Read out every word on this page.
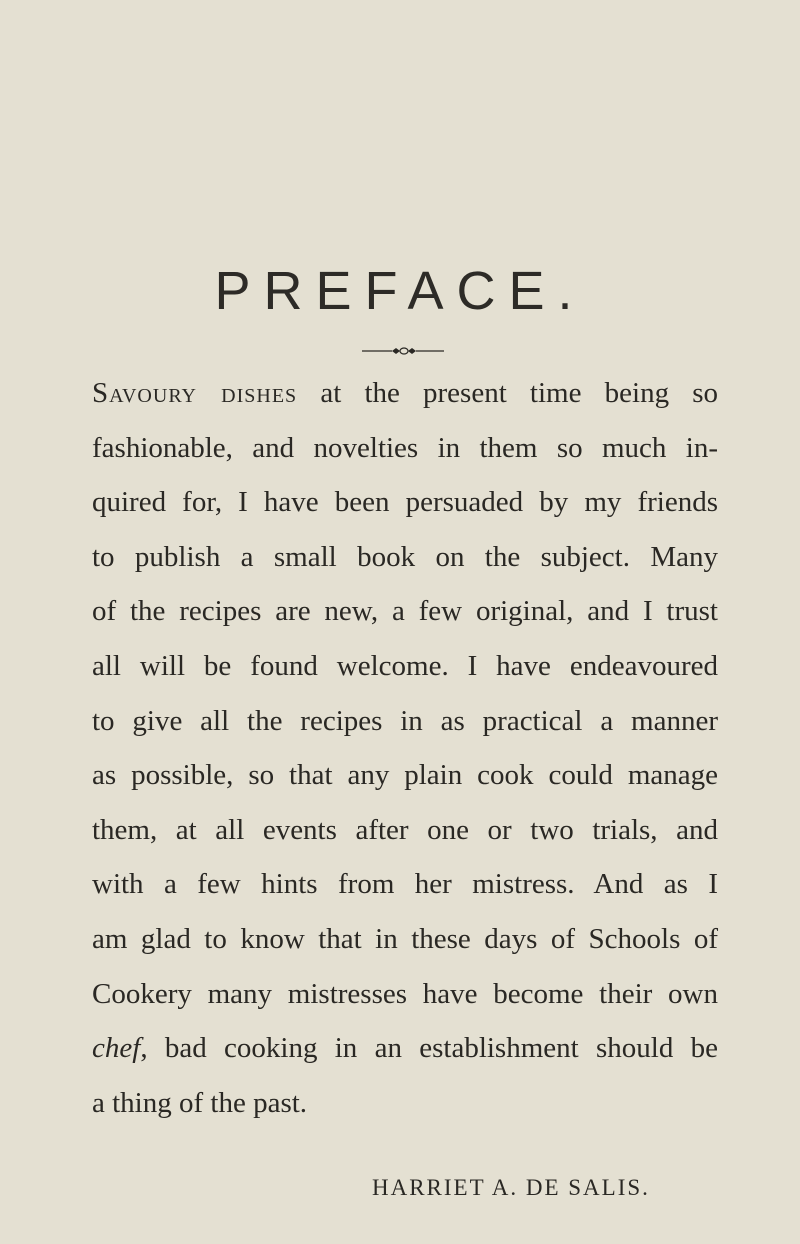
PREFACE.
Savoury dishes at the present time being so
fashionable, and novelties in them so much in-
quired for, I have been persuaded by my friends
to publish a small book on the subject. Many
of the recipes are new, a few original, and I trust
all will be found welcome. I have endeavoured
to give all the recipes in as practical a manner
as possible, so that any plain cook could manage
them, at all events after one or two trials, and
with a few hints from her mistress. And as I
am glad to know that in these days of Schools of
Cookery many mistresses have become their own
chef, bad cooking in an establishment should be
a thing of the past.
HARRIET A. DE SALIS.
